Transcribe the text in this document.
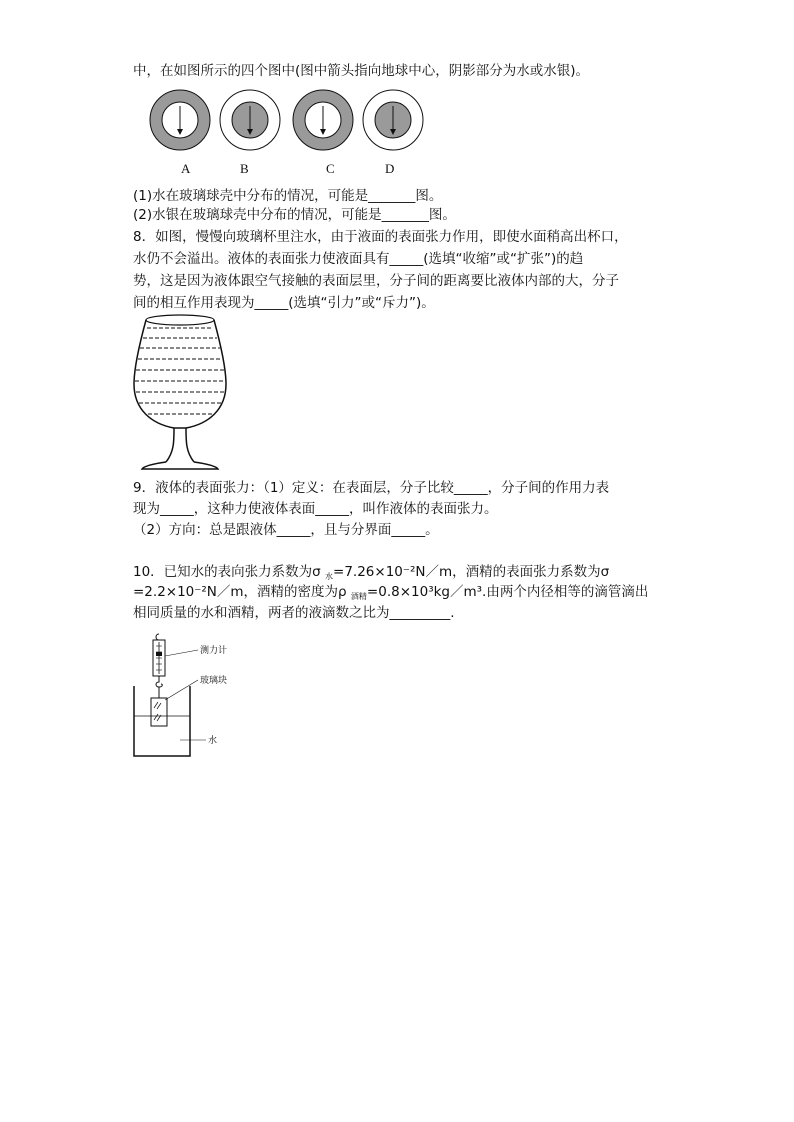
中，在如图所示的四个图中(图中箭头指向地球中心，阴影部分为水或水银)。
A	B	C	D
(1)水在玻璃球壳中分布的情况，可能是_______图。
(2)水银在玻璃球壳中分布的情况，可能是_______图。
8．如图，慢慢向玻璃杯里注水，由于液面的表面张力作用，即使水面稍高出杯口，
水仍不会溢出。液体的表面张力使液面具有_____(选填“收缩”或“扩张”)的趋
势，这是因为液体跟空气接触的表面层里，分子间的距离要比液体内部的大，分子
间的相互作用表现为_____(选填“引力”或“斥力”)。
9．液体的表面张力：（1）定义：在表面层，分子比较_____，分子间的作用力表
现为_____，这种力使液体表面_____，叫作液体的表面张力。
（2）方向：总是跟液体_____，且与分界面_____。
10．已知水的表向张力系数为σ $_水$=7.26×10⁻²N／m，酒精的表面张力系数为σ
=2.2×10⁻²N／m，酒精的密度为ρ $_{酒精}$=0.8×10³kg／m³.由两个内径相等的滴管滴出
相同质量的水和酒精，两者的液滴数之比为_________.
测力计
玻璃块
水
